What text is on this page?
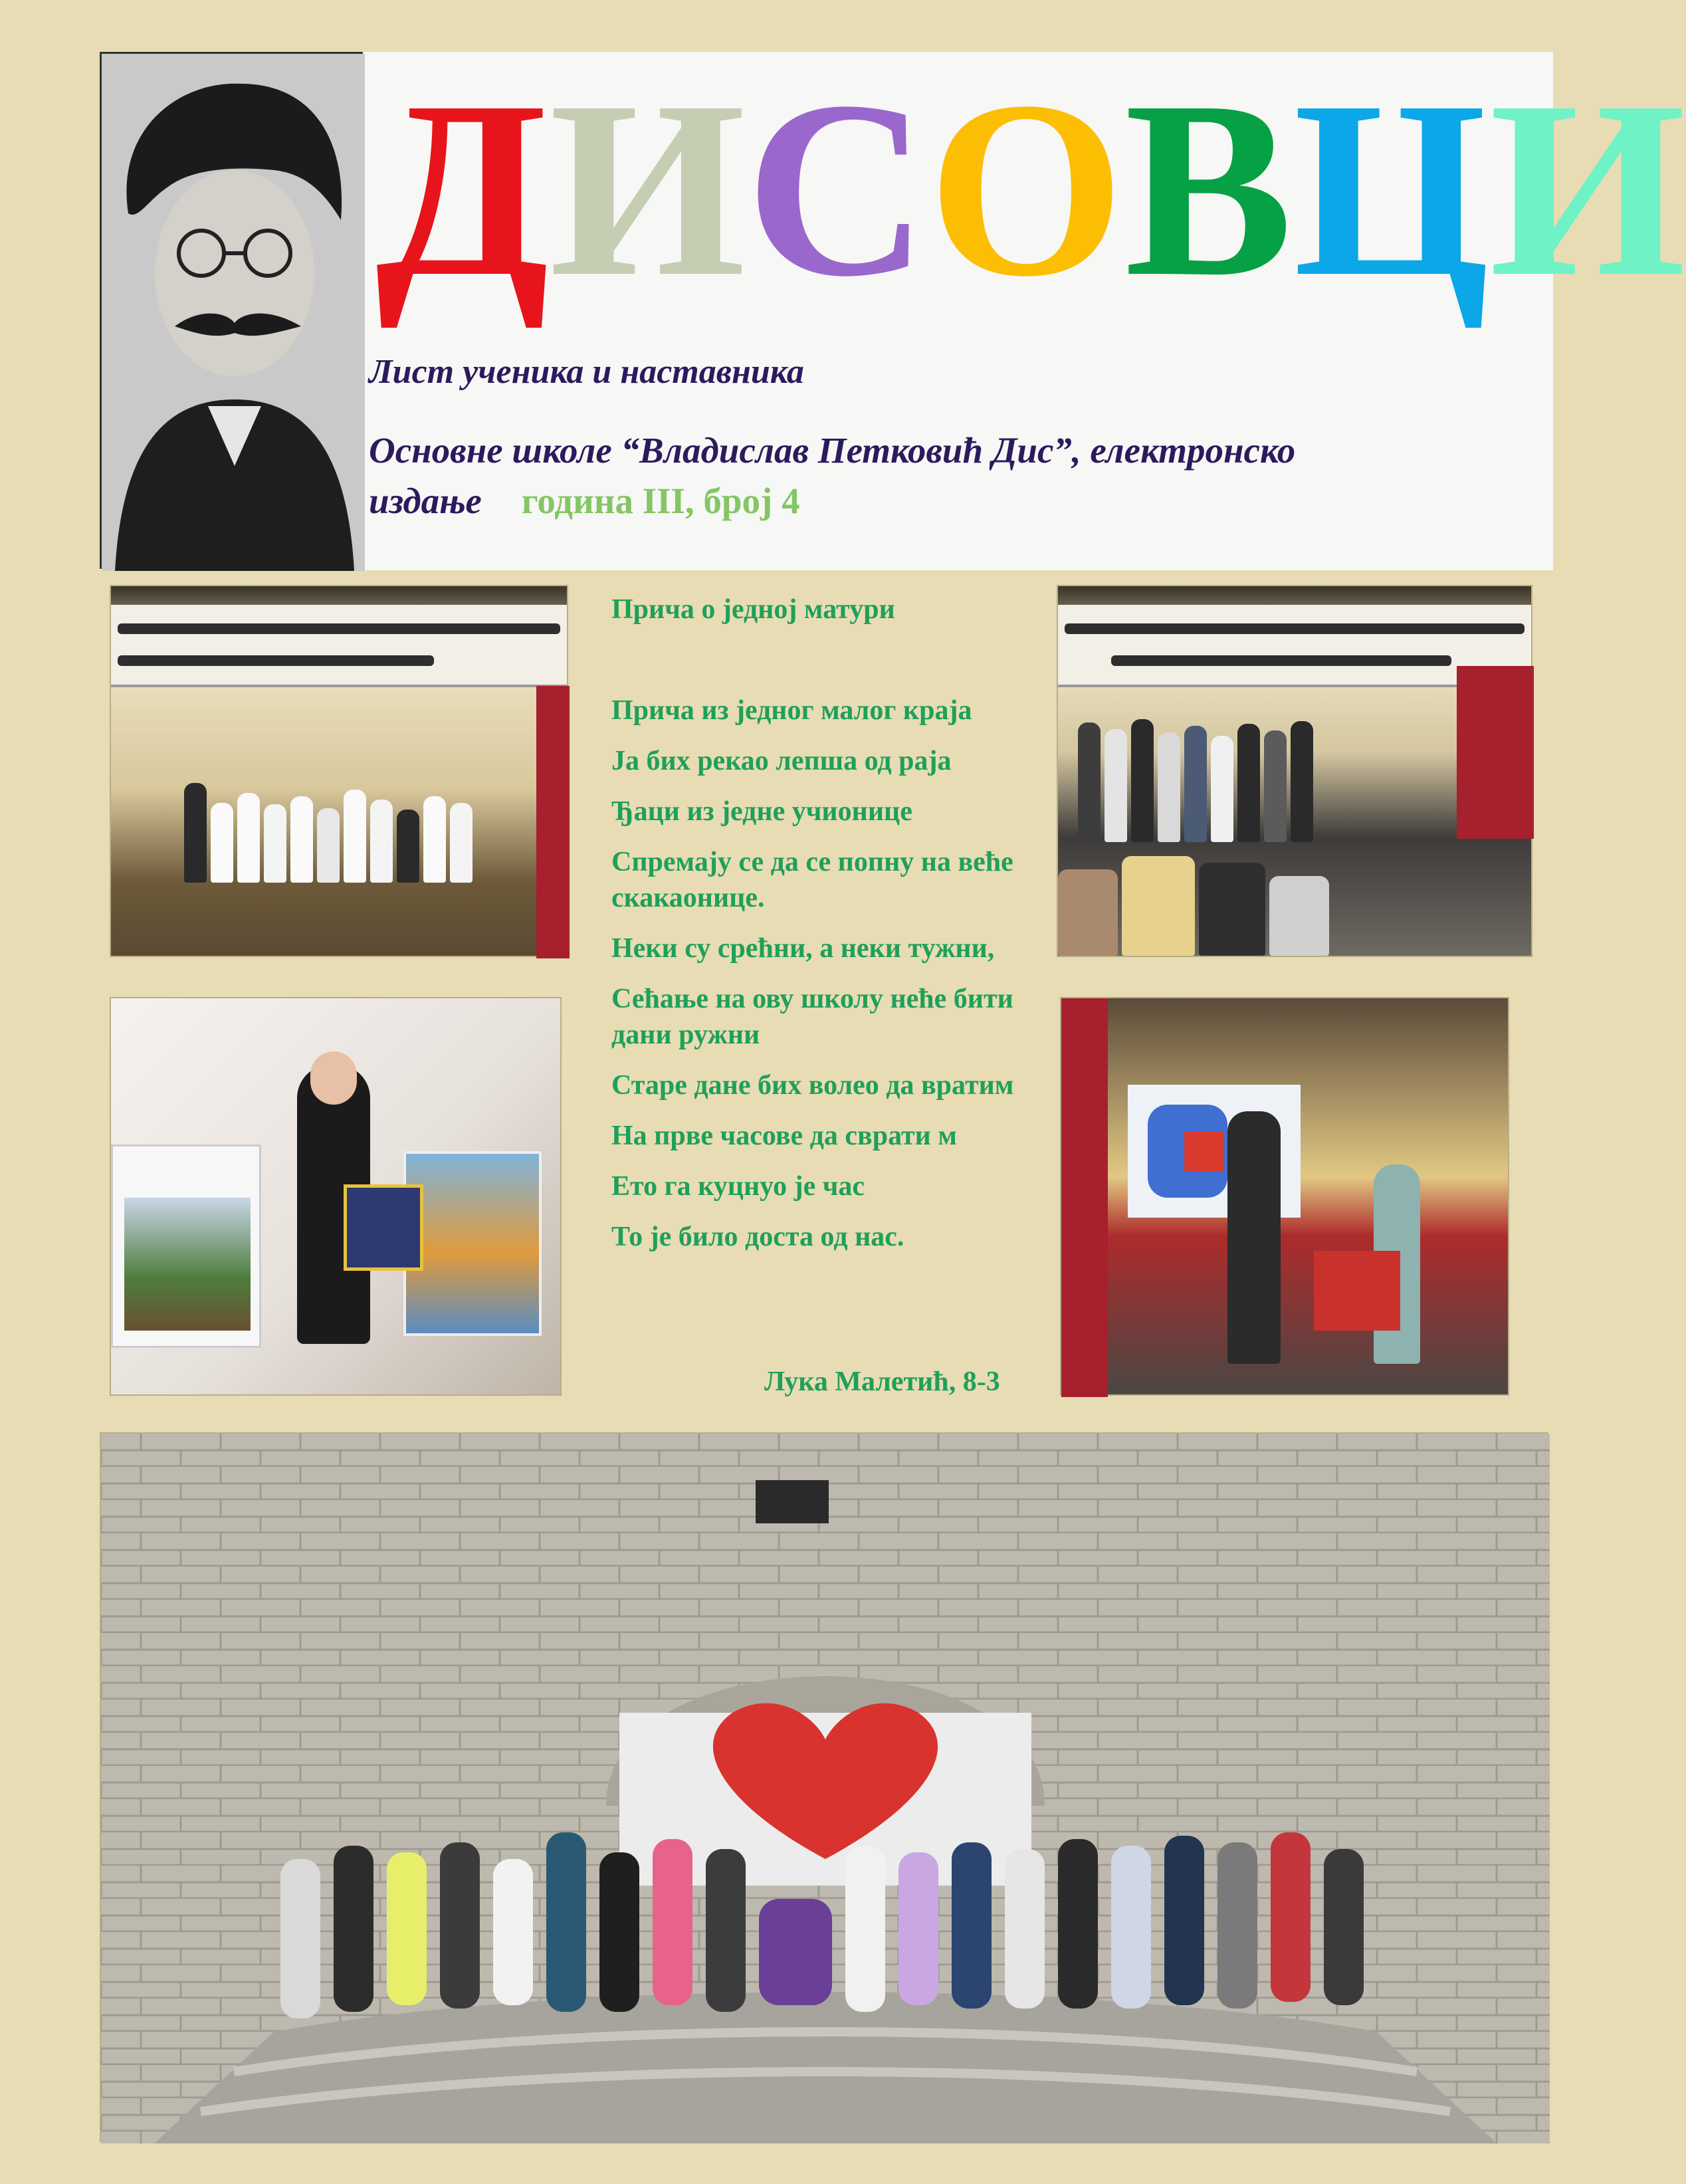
Д И С О В Ц И
Лист ученика и наставника
Основне школе “Владислав Петковић Дис”, електронско издање година III, број 4
Прича о једној матури
Прича из једног малог краја
Ја бих рекао лепша од раја
Ђаци из једне учионице
Спремају се да се попну на веће скакаонице.
Неки су срећни, а неки тужни,
Сећање на ову школу неће бити дани ружни
Старе дане бих волео да вратим
На прве часове да сврати м
Ето га куцнуо је час
То је било доста од нас.
Лука Малетић, 8-3
